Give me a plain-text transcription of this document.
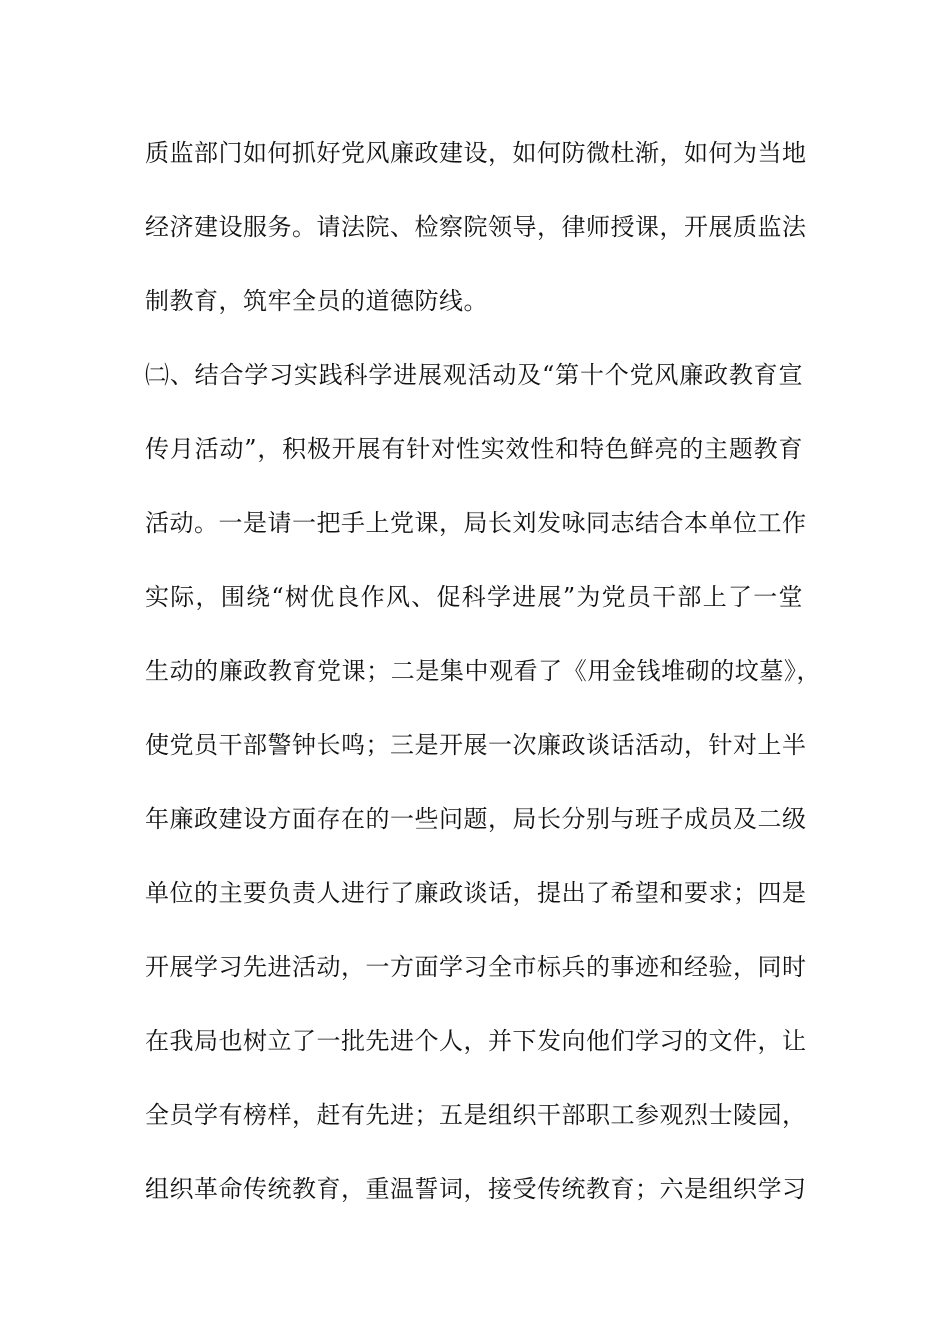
质监部门如何抓好党风廉政建设，如何防微杜渐，如何为当地
经济建设服务。请法院、检察院领导，律师授课，开展质监法
制教育，筑牢全员的道德防线。
㈡、结合学习实践科学进展观活动及“第十个党风廉政教育宣
传月活动”，积极开展有针对性实效性和特色鲜亮的主题教育
活动。一是请一把手上党课，局长刘发咏同志结合本单位工作
实际，围绕“树优良作风、促科学进展”为党员干部上了一堂
生动的廉政教育党课；二是集中观看了《用金钱堆砌的坟墓》，
使党员干部警钟长鸣；三是开展一次廉政谈话活动，针对上半
年廉政建设方面存在的一些问题，局长分别与班子成员及二级
单位的主要负责人进行了廉政谈话，提出了希望和要求；四是
开展学习先进活动，一方面学习全市标兵的事迹和经验，同时
在我局也树立了一批先进个人，并下发向他们学习的文件，让
全员学有榜样，赶有先进；五是组织干部职工参观烈士陵园，
组织革命传统教育，重温誓词，接受传统教育；六是组织学习
